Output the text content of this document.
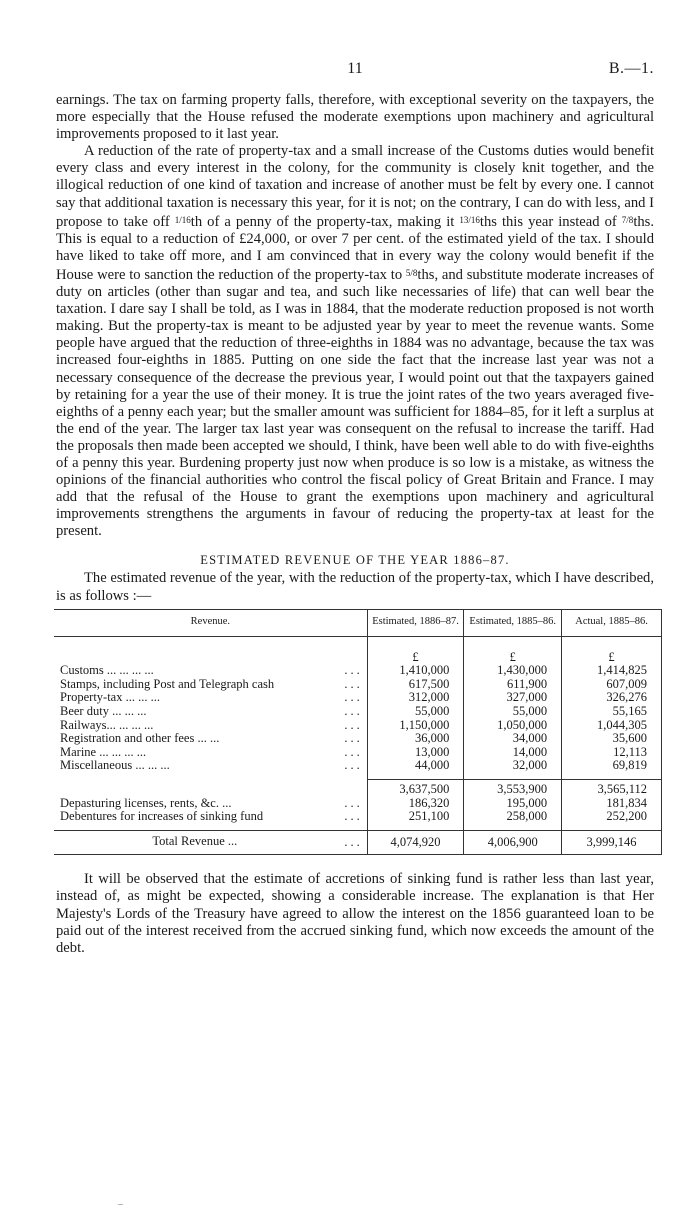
11	B.—1.

earnings. The tax on farming property falls, therefore, with exceptional severity on the taxpayers, the more especially that the House refused the moderate exemptions upon machinery and agricultural improvements proposed to it last year.

A reduction of the rate of property-tax and a small increase of the Customs duties would benefit every class and every interest in the colony, for the community is closely knit together, and the illogical reduction of one kind of taxation and increase of another must be felt by every one. I cannot say that additional taxation is necessary this year, for it is not; on the contrary, I can do with less, and I propose to take off $^{1/16}$th of a penny of the property-tax, making it $^{13/16}$ths this year instead of $^{7/8}$ths. This is equal to a reduction of £24,000, or over 7 per cent. of the estimated yield of the tax. I should have liked to take off more, and I am convinced that in every way the colony would benefit if the House were to sanction the reduction of the property-tax to $^{5/8}$ths, and substitute moderate increases of duty on articles (other than sugar and tea, and such like necessaries of life) that can well bear the taxation. I dare say I shall be told, as I was in 1884, that the moderate reduction proposed is not worth making. But the property-tax is meant to be adjusted year by year to meet the revenue wants. Some people have argued that the reduction of three-eighths in 1884 was no advantage, because the tax was increased four-eighths in 1885. Putting on one side the fact that the increase last year was not a necessary consequence of the decrease the previous year, I would point out that the taxpayers gained by retaining for a year the use of their money. It is true the joint rates of the two years averaged five-eighths of a penny each year; but the smaller amount was sufficient for 1884–85, for it left a surplus at the end of the year. The larger tax last year was consequent on the refusal to increase the tariff. Had the proposals then made been accepted we should, I think, have been well able to do with five-eighths of a penny this year. Burdening property just now when produce is so low is a mistake, as witness the opinions of the financial authorities who control the fiscal policy of Great Britain and France. I may add that the refusal of the House to grant the exemptions upon machinery and agricultural improvements strengthens the arguments in favour of reducing the property-tax at least for the present.

ESTIMATED REVENUE OF THE YEAR 1886–87.

The estimated revenue of the year, with the reduction of the property-tax, which I have described, is as follows :—

Revenue.		Estimated, 1886–87.	Estimated, 1885–86.	Actual, 1885–86.
		£	£	£
Customs ... ... ... ...	...	1,410,000	1,430,000	1,414,825
Stamps, including Post and Telegraph cash	...	617,500	611,900	607,009
Property-tax ... ... ...	...	312,000	327,000	326,276
Beer duty ... ... ...	...	55,000	55,000	55,165
Railways... ... ... ...	...	1,150,000	1,050,000	1,044,305
Registration and other fees ... ...	...	36,000	34,000	35,600
Marine ... ... ... ...	...	13,000	14,000	12,113
Miscellaneous ... ... ...	...	44,000	32,000	69,819

		3,637,500	3,553,900	3,565,112
Depasturing licenses, rents, &c. ...	...	186,320	195,000	181,834
Debentures for increases of sinking fund	...	251,100	258,000	252,200

Total Revenue ...	...	4,074,920	4,006,900	3,999,146

It will be observed that the estimate of accretions of sinking fund is rather less than last year, instead of, as might be expected, showing a considerable increase. The explanation is that Her Majesty's Lords of the Treasury have agreed to allow the interest on the 1856 guaranteed loan to be paid out of the interest received from the accrued sinking fund, which now exceeds the amount of the debt.

–
